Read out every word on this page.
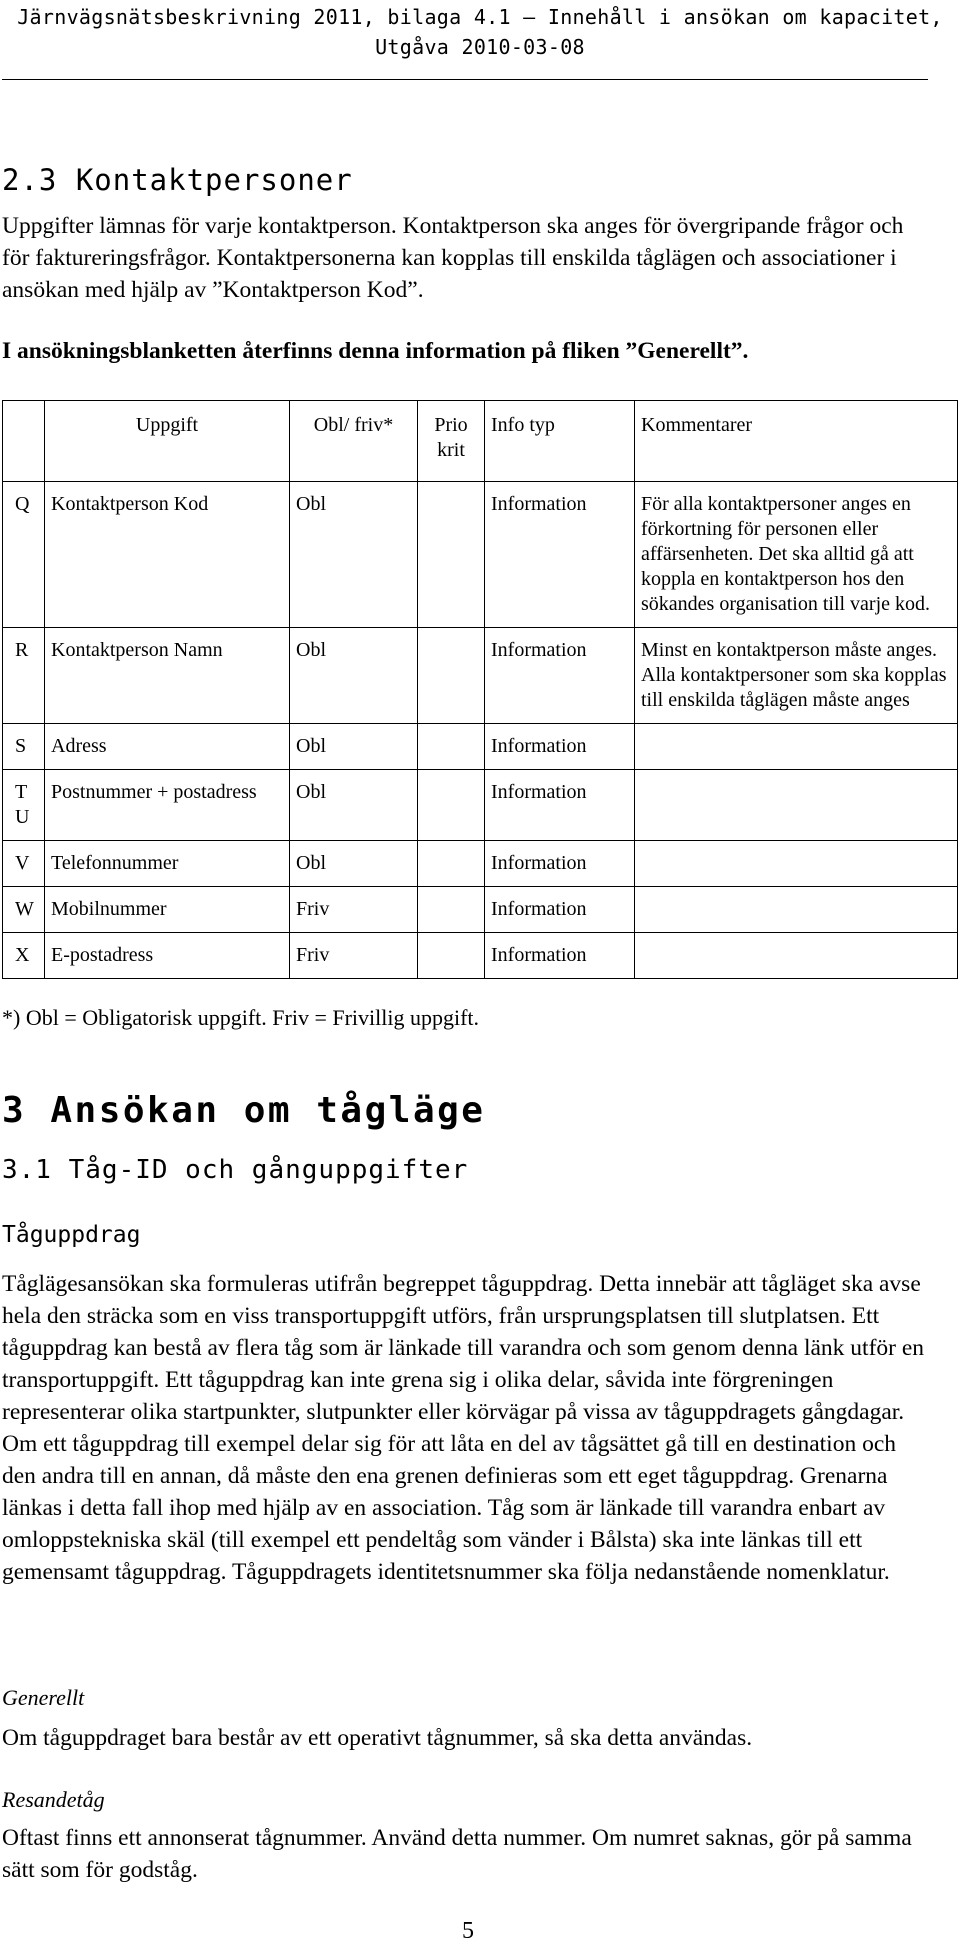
Järnvägsnätsbeskrivning 2011, bilaga 4.1 – Innehåll i ansökan om kapacitet,
Utgåva 2010-03-08
2.3 Kontaktpersoner
Uppgifter lämnas för varje kontaktperson. Kontaktperson ska anges för övergripande frågor och för faktureringsfrågor. Kontaktpersonerna kan kopplas till enskilda tåglägen och associationer i ansökan med hjälp av ”Kontaktperson Kod”.
I ansökningsblanketten återfinns denna information på fliken ”Generellt”.
	Uppgift	Obl/ friv*	Prio krit	Info typ	Kommentarer
Q	Kontaktperson Kod	Obl		Information	För alla kontaktpersoner anges en förkortning för personen eller affärsenheten. Det ska alltid gå att koppla en kontaktperson hos den sökandes organisation till varje kod.
R	Kontaktperson Namn	Obl		Information	Minst en kontaktperson måste anges. Alla kontaktpersoner som ska kopplas till enskilda tåglägen måste anges
S	Adress	Obl		Information	
T U	Postnummer + postadress	Obl		Information	
V	Telefonnummer	Obl		Information	
W	Mobilnummer	Friv		Information	
X	E-postadress	Friv		Information	
*) Obl = Obligatorisk uppgift. Friv = Frivillig uppgift.
3 Ansökan om tågläge
3.1 Tåg-ID och gånguppgifter
Tåguppdrag
Tåglägesansökan ska formuleras utifrån begreppet tåguppdrag. Detta innebär att tågläget ska avse hela den sträcka som en viss transportuppgift utförs, från ursprungsplatsen till slutplatsen. Ett tåguppdrag kan bestå av flera tåg som är länkade till varandra och som genom denna länk utför en transportuppgift. Ett tåguppdrag kan inte grena sig i olika delar, såvida inte förgreningen representerar olika startpunkter, slutpunkter eller körvägar på vissa av tåguppdragets gångdagar. Om ett tåguppdrag till exempel delar sig för att låta en del av tågsättet gå till en destination och den andra till en annan, då måste den ena grenen definieras som ett eget tåguppdrag. Grenarna länkas i detta fall ihop med hjälp av en association. Tåg som är länkade till varandra enbart av omloppstekniska skäl (till exempel ett pendeltåg som vänder i Bålsta) ska inte länkas till ett gemensamt tåguppdrag. Tåguppdragets identitetsnummer ska följa nedanstående nomenklatur.
Generellt
Om tåguppdraget bara består av ett operativt tågnummer, så ska detta användas.
Resandetåg
Oftast finns ett annonserat tågnummer. Använd detta nummer. Om numret saknas, gör på samma sätt som för godståg.
5
